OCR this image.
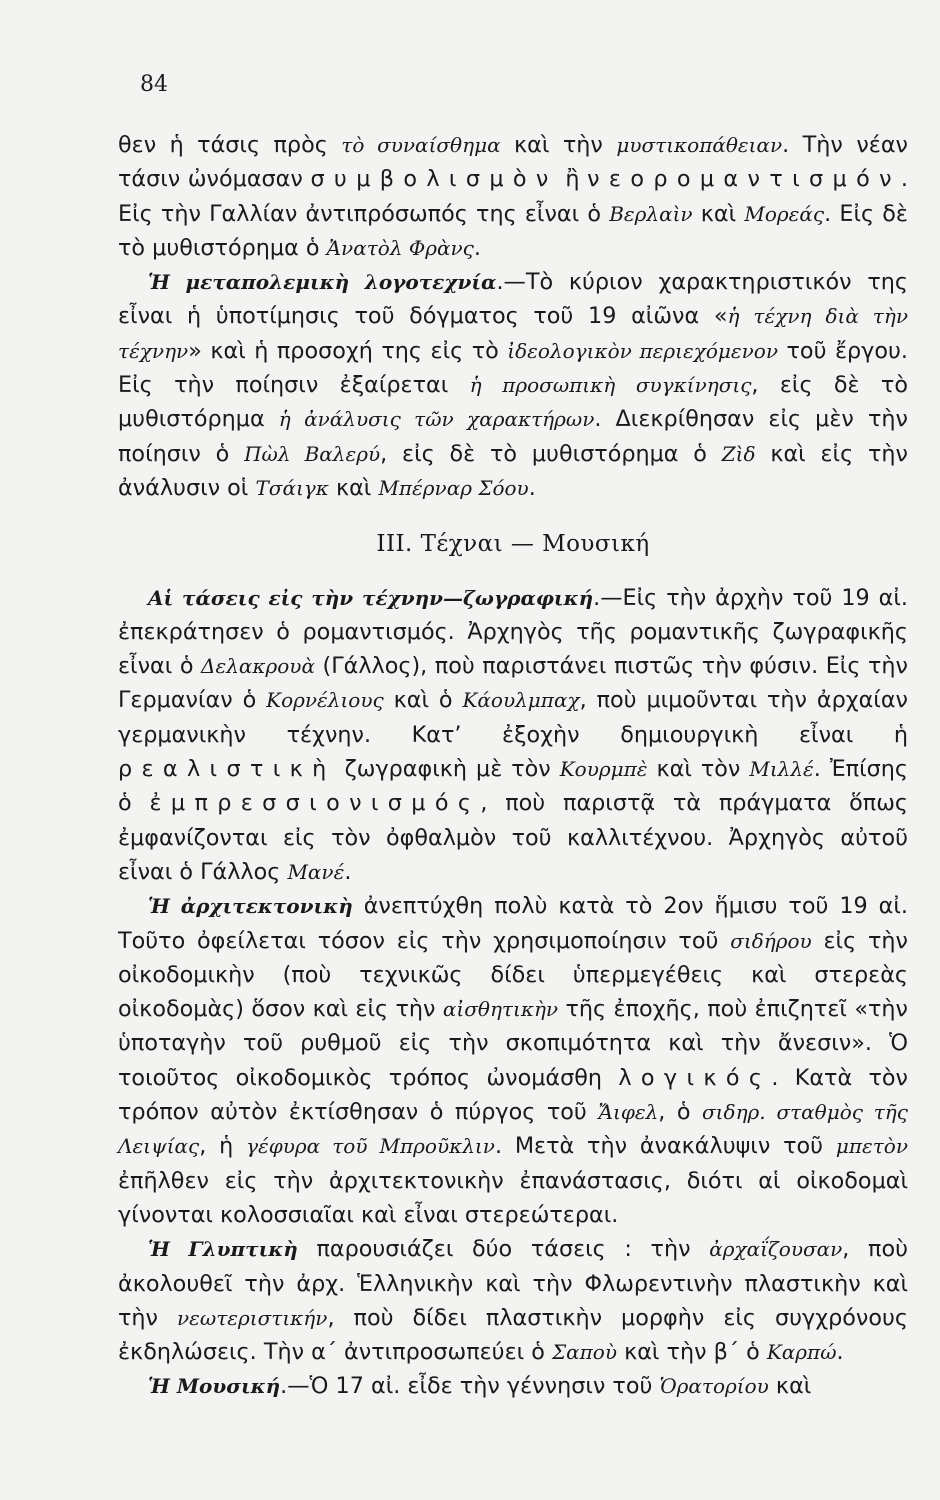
84

θεν ἡ τάσις πρὸς τὸ συναίσθημα καὶ τὴν μυστικοπάθειαν. Τὴν νέαν τάσιν ὠνόμασαν συμβολισμὸν ἢ νεορομαντισμόν. Εἰς τὴν Γαλλίαν ἀντιπρόσωπός της εἶναι ὁ Βερλαὶν καὶ Μορεάς. Εἰς δὲ τὸ μυθιστόρημα ὁ Ἀνατὸλ Φρὰνς.

Ἡ μεταπολεμικὴ λογοτεχνία.—Τὸ κύριον χαρακτηριστικόν της εἶναι ἡ ὑποτίμησις τοῦ δόγματος τοῦ 19 αἰῶνα «ἡ τέχνη διὰ τὴν τέχνην» καὶ ἡ προσοχή της εἰς τὸ ἰδεολογικὸν περιεχόμενον τοῦ ἔργου. Εἰς τὴν ποίησιν ἐξαίρεται ἡ προσωπικὴ συγκίνησις, εἰς δὲ τὸ μυθιστόρημα ἡ ἀνάλυσις τῶν χαρακτήρων. Διεκρίθησαν εἰς μὲν τὴν ποίησιν ὁ Πὼλ Βαλερύ, εἰς δὲ τὸ μυθιστόρημα ὁ Ζὶδ καὶ εἰς τὴν ἀνάλυσιν οἱ Τσάιγκ καὶ Μπέρναρ Σόου.

ΙΙΙ. Τέχναι — Μουσική

Αἱ τάσεις εἰς τὴν τέχνην—ζωγραφική.—Εἰς τὴν ἀρχὴν τοῦ 19 αἰ. ἐπεκράτησεν ὁ ρομαντισμός. Ἀρχηγὸς τῆς ρομαντικῆς ζωγραφικῆς εἶναι ὁ Δελακρουὰ (Γάλλος), ποὺ παριστάνει πιστῶς τὴν φύσιν. Εἰς τὴν Γερμανίαν ὁ Κορνέλιους καὶ ὁ Κάουλμπαχ, ποὺ μιμοῦνται τὴν ἀρχαίαν γερμανικὴν τέχνην. Κατ’ ἐξοχὴν δημιουργικὴ εἶναι ἡ ρεαλιστικὴ ζωγραφικὴ μὲ τὸν Κουρμπὲ καὶ τὸν Μιλλέ. Ἐπίσης ὁ ἐμπρεσσιονισμός, ποὺ παριστᾷ τὰ πράγματα ὅπως ἐμφανίζονται εἰς τὸν ὀφθαλμὸν τοῦ καλλιτέχνου. Ἀρχηγὸς αὐτοῦ εἶναι ὁ Γάλλος Μανέ.

Ἡ ἀρχιτεκτονικὴ ἀνεπτύχθη πολὺ κατὰ τὸ 2ον ἥμισυ τοῦ 19 αἰ. Τοῦτο ὀφείλεται τόσον εἰς τὴν χρησιμοποίησιν τοῦ σιδήρου εἰς τὴν οἰκοδομικὴν (ποὺ τεχνικῶς δίδει ὑπερμεγέθεις καὶ στερεὰς οἰκοδομὰς) ὅσον καὶ εἰς τὴν αἰσθητικὴν τῆς ἐποχῆς, ποὺ ἐπιζητεῖ «τὴν ὑποταγὴν τοῦ ρυθμοῦ εἰς τὴν σκοπιμότητα καὶ τὴν ἄνεσιν». Ὁ τοιοῦτος οἰκοδομικὸς τρόπος ὠνομάσθη λογικός. Κατὰ τὸν τρόπον αὐτὸν ἐκτίσθησαν ὁ πύργος τοῦ Ἄιφελ, ὁ σιδηρ. σταθμὸς τῆς Λειψίας, ἡ γέφυρα τοῦ Μπροῦκλιν. Μετὰ τὴν ἀνακάλυψιν τοῦ μπετὸν ἐπῆλθεν εἰς τὴν ἀρχιτεκτονικὴν ἐπανάστασις, διότι αἱ οἰκοδομαὶ γίνονται κολοσσιαῖαι καὶ εἶναι στερεώτεραι.

Ἡ Γλυπτικὴ παρουσιάζει δύο τάσεις : τὴν ἀρχαΐζουσαν, ποὺ ἀκολουθεῖ τὴν ἀρχ. Ἑλληνικὴν καὶ τὴν Φλωρεντινὴν πλαστικὴν καὶ τὴν νεωτεριστικήν, ποὺ δίδει πλαστικὴν μορφὴν εἰς συγχρόνους ἐκδηλώσεις. Τὴν α΄ ἀντιπροσωπεύει ὁ Σαποὺ καὶ τὴν β΄ ὁ Καρπώ.

Ἡ Μουσική.—Ὁ 17 αἰ. εἶδε τὴν γέννησιν τοῦ Ὁρατορίου καὶ
